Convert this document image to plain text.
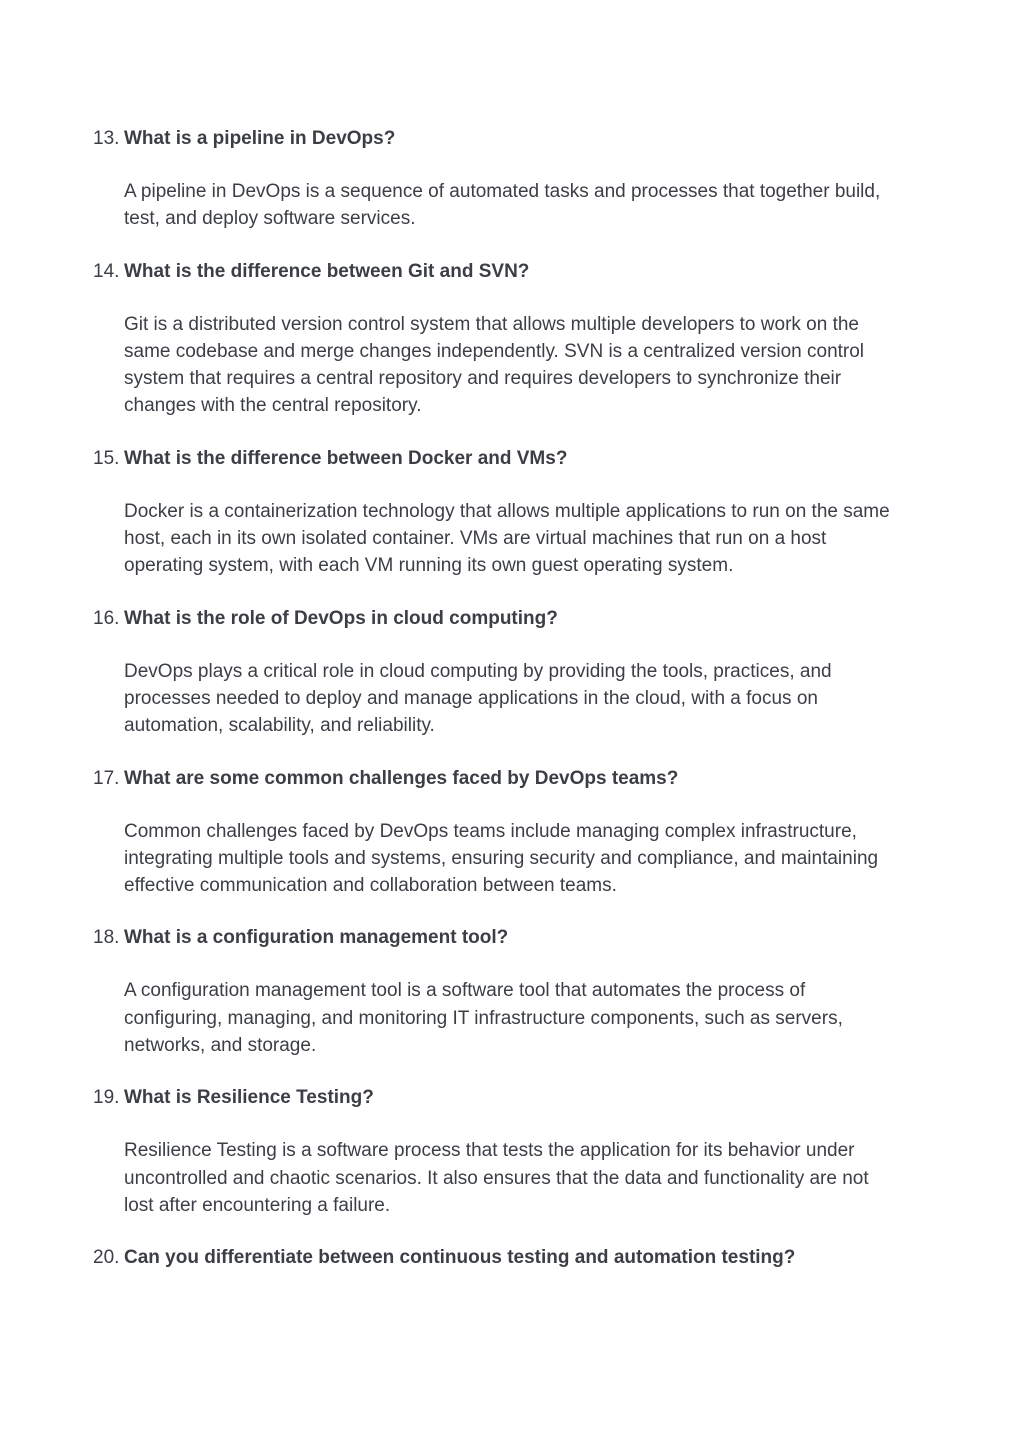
13. What is a pipeline in DevOps?

A pipeline in DevOps is a sequence of automated tasks and processes that together build, test, and deploy software services.

14. What is the difference between Git and SVN?

Git is a distributed version control system that allows multiple developers to work on the same codebase and merge changes independently. SVN is a centralized version control system that requires a central repository and requires developers to synchronize their changes with the central repository.

15. What is the difference between Docker and VMs?

Docker is a containerization technology that allows multiple applications to run on the same host, each in its own isolated container. VMs are virtual machines that run on a host operating system, with each VM running its own guest operating system.

16. What is the role of DevOps in cloud computing?

DevOps plays a critical role in cloud computing by providing the tools, practices, and processes needed to deploy and manage applications in the cloud, with a focus on automation, scalability, and reliability.

17. What are some common challenges faced by DevOps teams?

Common challenges faced by DevOps teams include managing complex infrastructure, integrating multiple tools and systems, ensuring security and compliance, and maintaining effective communication and collaboration between teams.

18. What is a configuration management tool?

A configuration management tool is a software tool that automates the process of configuring, managing, and monitoring IT infrastructure components, such as servers, networks, and storage.

19. What is Resilience Testing?

Resilience Testing is a software process that tests the application for its behavior under uncontrolled and chaotic scenarios. It also ensures that the data and functionality are not lost after encountering a failure.

20. Can you differentiate between continuous testing and automation testing?
